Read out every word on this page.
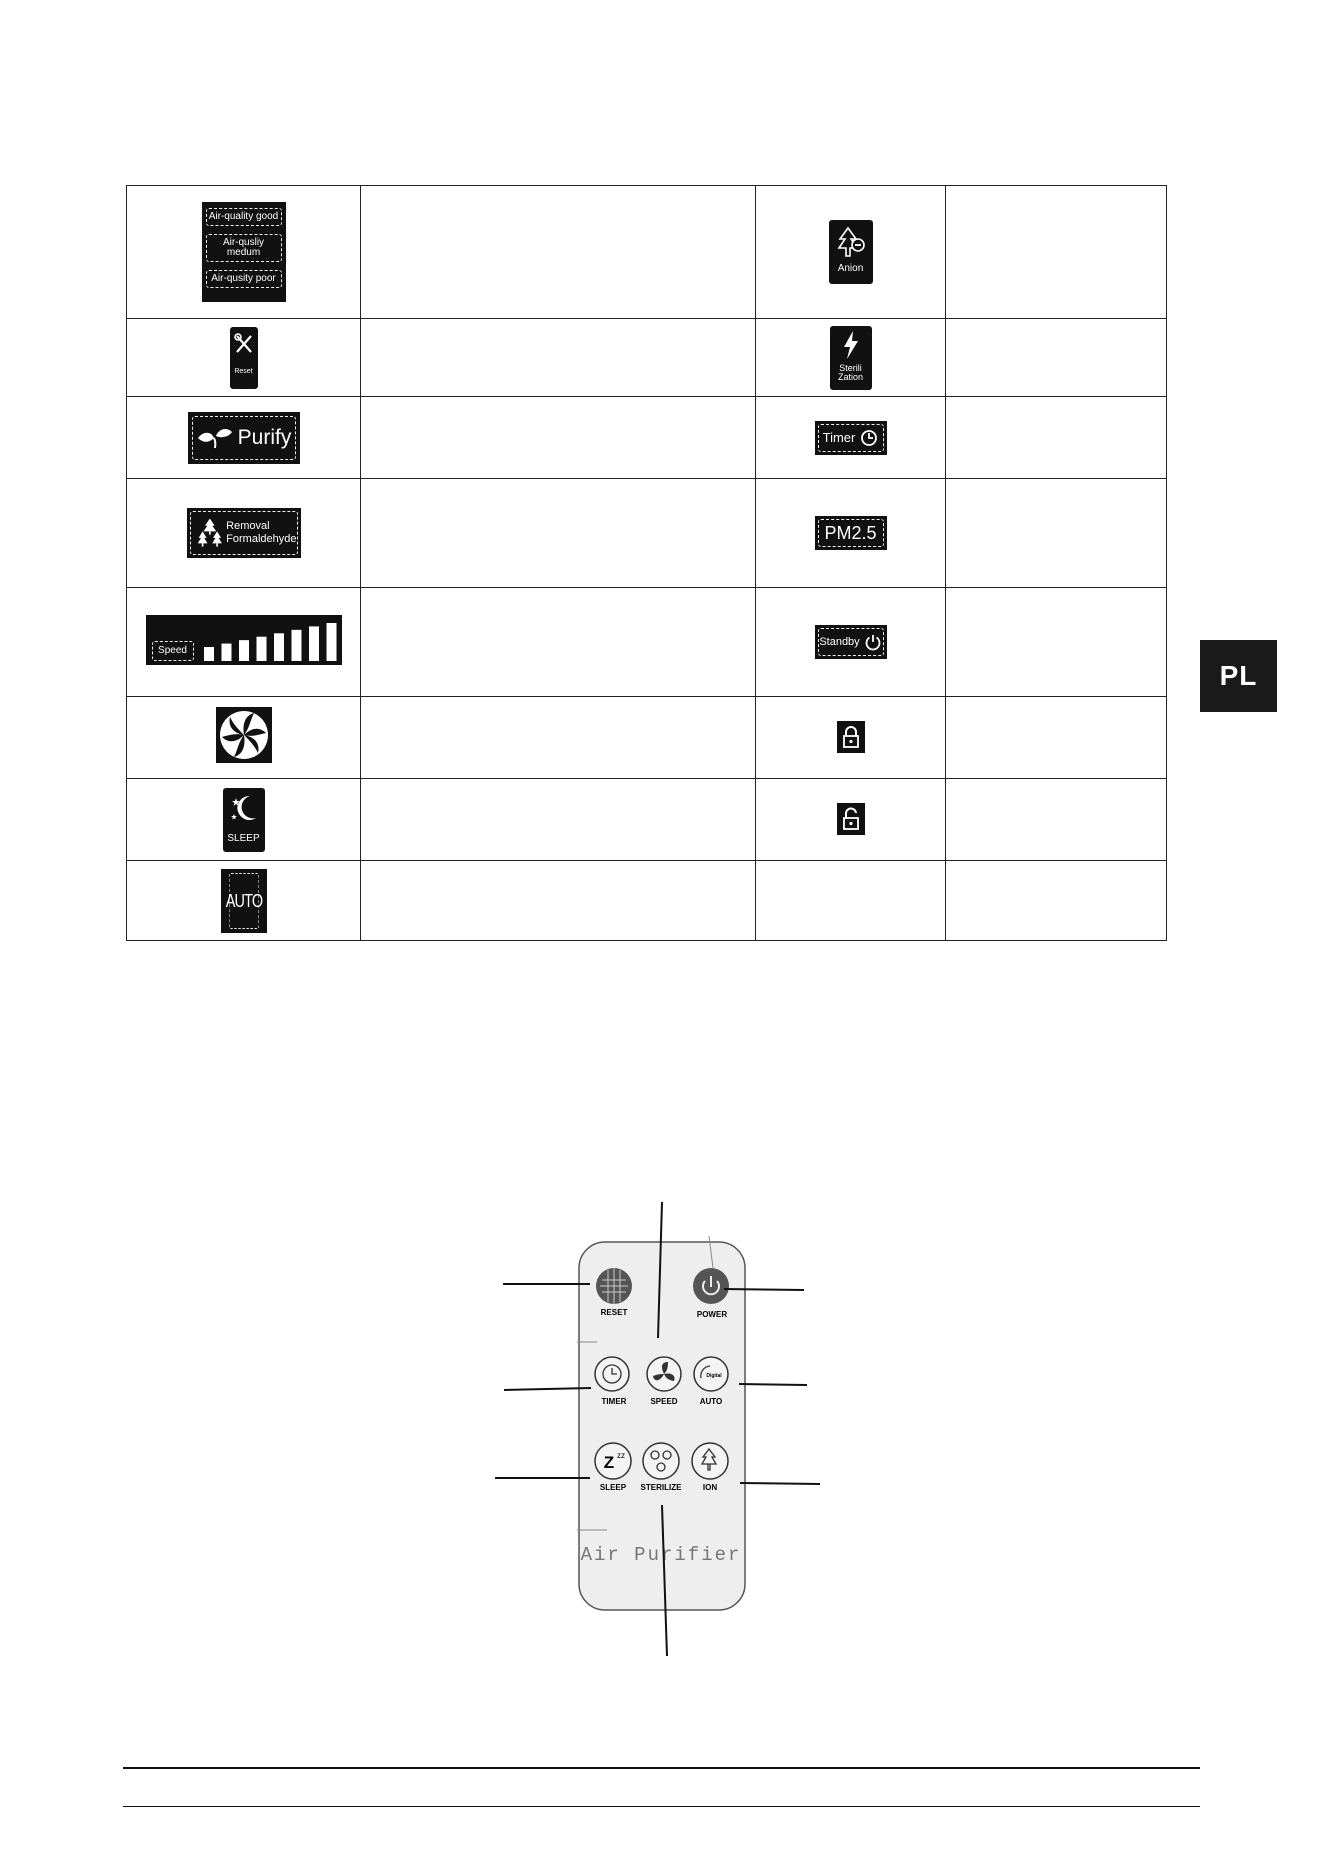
Air-quality good
Air-qusliy medum
Air-qusity poor		Anion	

Reset		Sterili
Zation	

Purify		Timer	

Removal
Formaldehyde		PM2.5	

Speed		Standby	

SLEEP

AUTO			

PL
RESET	POWER
TIMER	SPEED
Digital
AUTO
Z zz
SLEEP STERILIZE	ION
Air Purifier
